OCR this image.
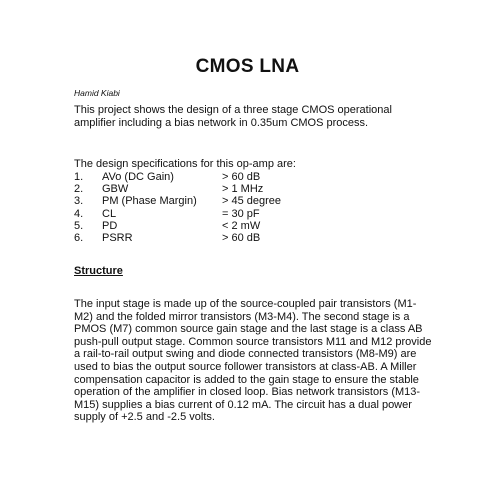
CMOS LNA
Hamid Kiabi
This project shows the design of a three stage CMOS operational amplifier including a bias network in 0.35um CMOS process.
The design specifications for this op-amp are:
1. AVo (DC Gain)	> 60 dB
2. GBW	> 1 MHz
3. PM (Phase Margin) > 45 degree
4. CL	= 30 pF
5. PD	< 2 mW
6. PSRR	> 60 dB
Structure
The input stage is made up of the source-coupled pair transistors (M1-M2) and the folded mirror transistors (M3-M4). The second stage is a PMOS (M7) common source gain stage and the last stage is a class AB push-pull output stage. Common source transistors M11 and M12 provide a rail-to-rail output swing and diode connected transistors (M8-M9) are used to bias the output source follower transistors at class-AB. A Miller compensation capacitor is added to the gain stage to ensure the stable operation of the amplifier in closed loop. Bias network transistors (M13-M15) supplies a bias current of 0.12 mA. The circuit has a dual power supply of +2.5 and -2.5 volts.
